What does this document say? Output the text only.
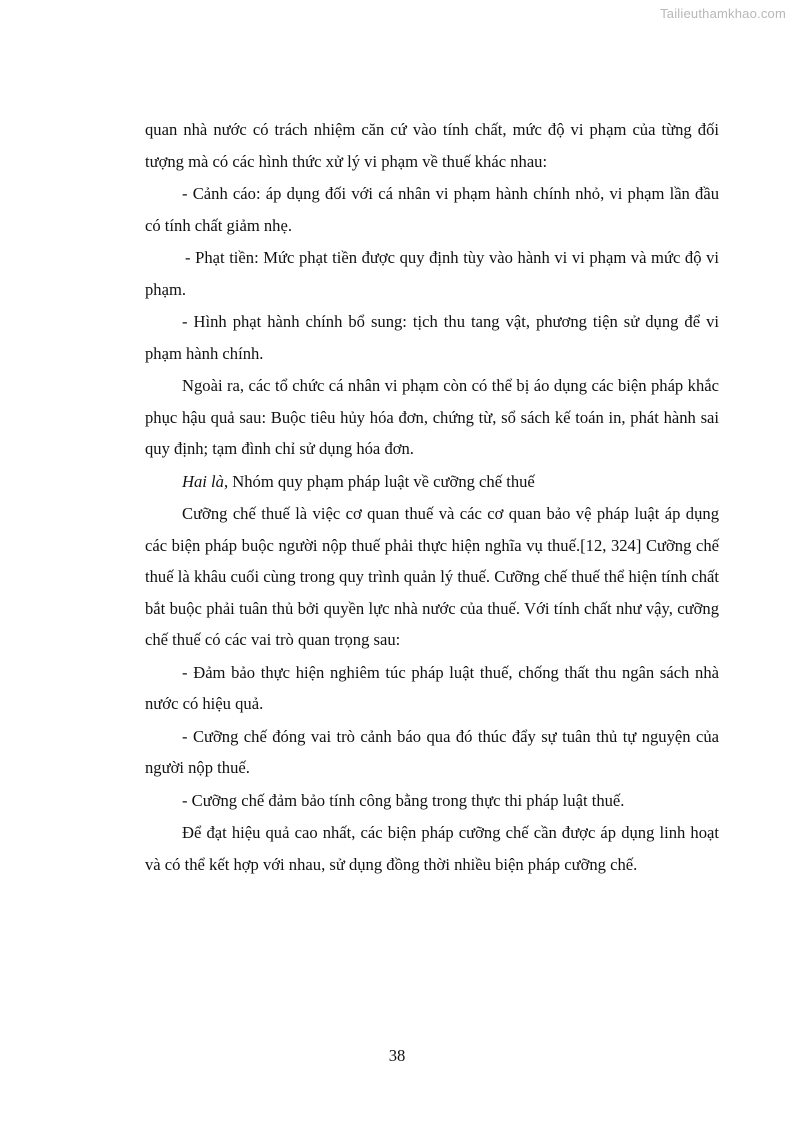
Tailieuthamkhao.com

quan nhà nước có trách nhiệm căn cứ vào tính chất, mức độ vi phạm của từng đối tượng mà có các hình thức xử lý vi phạm về thuế khác nhau:

- Cảnh cáo: áp dụng đối với cá nhân vi phạm hành chính nhỏ, vi phạm lần đầu có tính chất giảm nhẹ.

- Phạt tiền: Mức phạt tiền được quy định tùy vào hành vi vi phạm và mức độ vi phạm.

- Hình phạt hành chính bổ sung: tịch thu tang vật, phương tiện sử dụng để vi phạm hành chính.

Ngoài ra, các tổ chức cá nhân vi phạm còn có thể bị áo dụng các biện pháp khắc phục hậu quả sau: Buộc tiêu hủy hóa đơn, chứng từ, sổ sách kế toán in, phát hành sai quy định; tạm đình chỉ sử dụng hóa đơn.

Hai là, Nhóm quy phạm pháp luật về cưỡng chế thuế

Cưỡng chế thuế là việc cơ quan thuế và các cơ quan bảo vệ pháp luật áp dụng các biện pháp buộc người nộp thuế phải thực hiện nghĩa vụ thuế.[12, 324] Cưỡng chế thuế là khâu cuối cùng trong quy trình quản lý thuế. Cưỡng chế thuế thể hiện tính chất bắt buộc phải tuân thủ bởi quyền lực nhà nước của thuế. Với tính chất như vậy, cưỡng chế thuế có các vai trò quan trọng sau:

- Đảm bảo thực hiện nghiêm túc pháp luật thuế, chống thất thu ngân sách nhà nước có hiệu quả.

- Cưỡng chế đóng vai trò cảnh báo qua đó thúc đẩy sự tuân thủ tự nguyện của người nộp thuế.

- Cưỡng chế đảm bảo tính công bằng trong thực thi pháp luật thuế.

Để đạt hiệu quả cao nhất, các biện pháp cưỡng chế cần được áp dụng linh hoạt và có thể kết hợp với nhau, sử dụng đồng thời nhiều biện pháp cưỡng chế.

38
